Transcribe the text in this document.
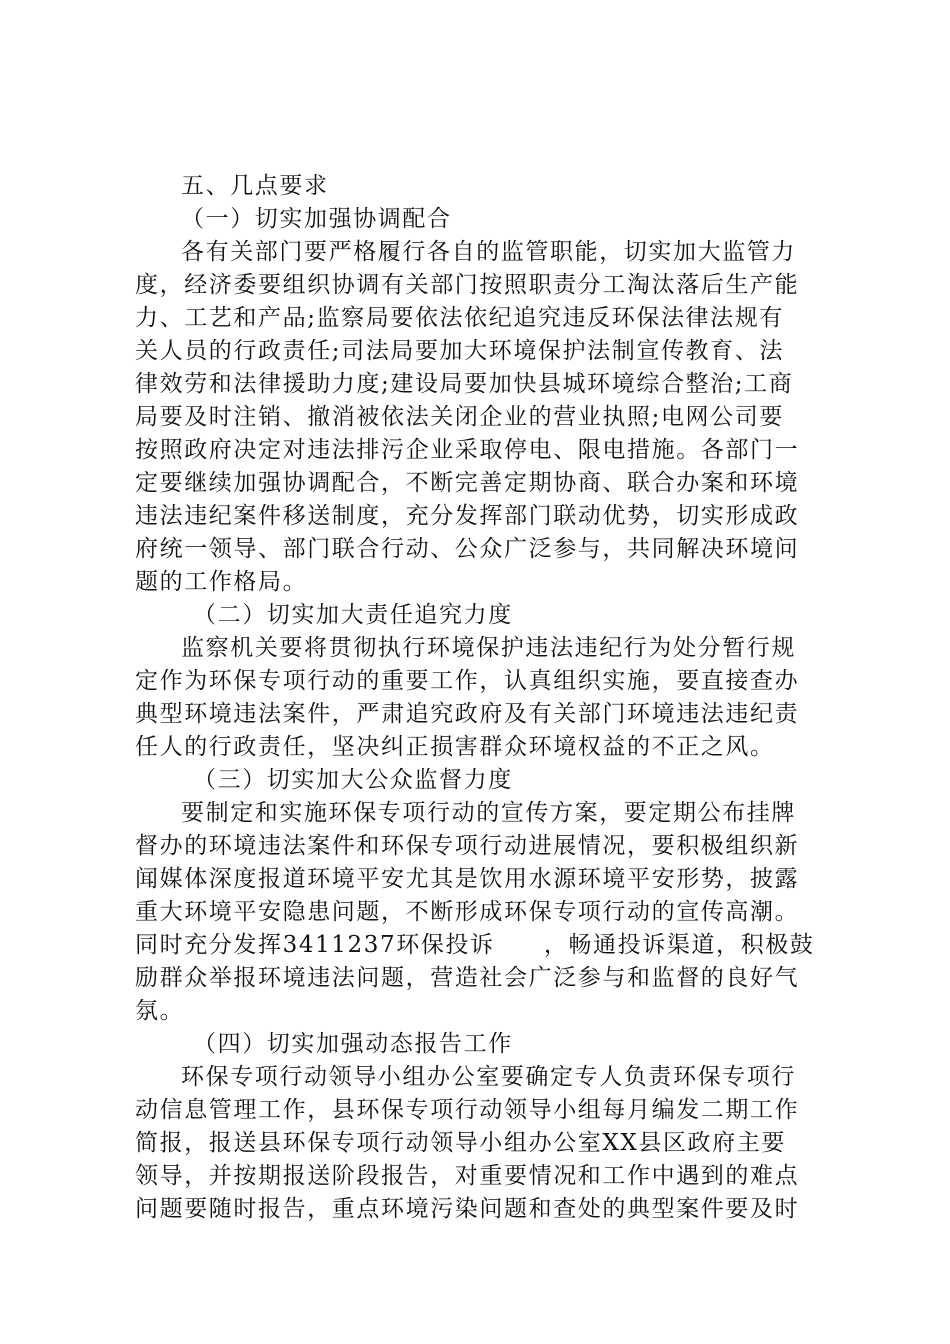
五、几点要求
（一）切实加强协调配合
各有关部门要严格履行各自的监管职能，切实加大监管力
度，经济委要组织协调有关部门按照职责分工淘汰落后生产能
力、工艺和产品;监察局要依法依纪追究违反环保法律法规有
关人员的行政责任;司法局要加大环境保护法制宣传教育、法
律效劳和法律援助力度;建设局要加快县城环境综合整治;工商
局要及时注销、撤消被依法关闭企业的营业执照;电网公司要
按照政府决定对违法排污企业采取停电、限电措施。各部门一
定要继续加强协调配合，不断完善定期协商、联合办案和环境
违法违纪案件移送制度，充分发挥部门联动优势，切实形成政
府统一领导、部门联合行动、公众广泛参与，共同解决环境问
题的工作格局。
（二）切实加大责任追究力度
监察机关要将贯彻执行环境保护违法违纪行为处分暂行规
定作为环保专项行动的重要工作，认真组织实施，要直接查办
典型环境违法案件，严肃追究政府及有关部门环境违法违纪责
任人的行政责任，坚决纠正损害群众环境权益的不正之风。
（三）切实加大公众监督力度
要制定和实施环保专项行动的宣传方案，要定期公布挂牌
督办的环境违法案件和环保专项行动进展情况，要积极组织新
闻媒体深度报道环境平安尤其是饮用水源环境平安形势，披露
重大环境平安隐患问题，不断形成环保专项行动的宣传高潮。
同时充分发挥3411237环保投诉　　，畅通投诉渠道，积极鼓
励群众举报环境违法问题，营造社会广泛参与和监督的良好气
氛。
（四）切实加强动态报告工作
环保专项行动领导小组办公室要确定专人负责环保专项行
动信息管理工作，县环保专项行动领导小组每月编发二期工作
简报，报送县环保专项行动领导小组办公室XX县区政府主要
领导，并按期报送阶段报告，对重要情况和工作中遇到的难点
问题要随时报告，重点环境污染问题和查处的典型案件要及时
